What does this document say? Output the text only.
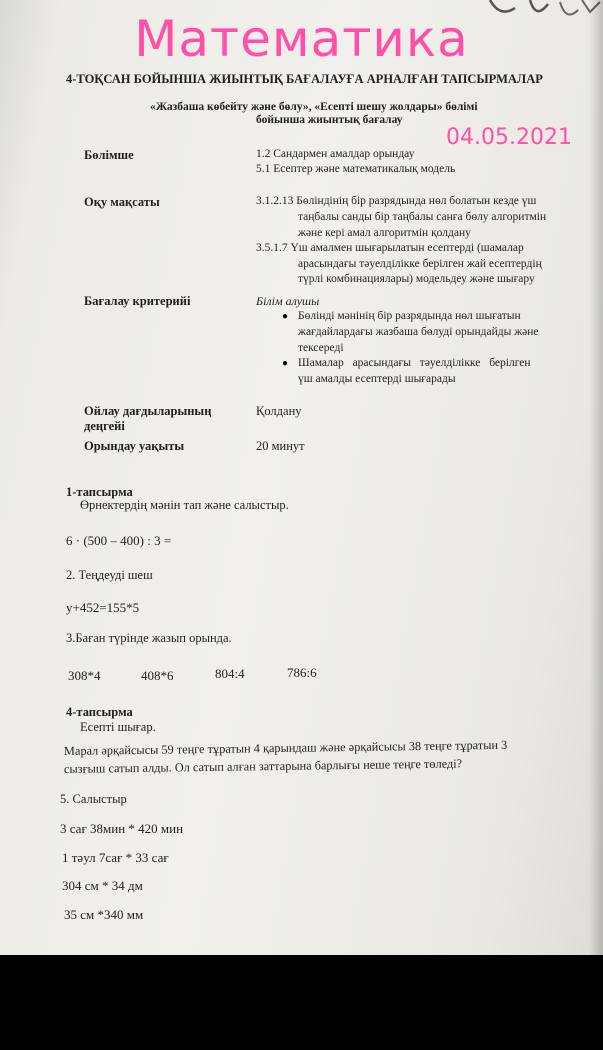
4-ТОҚСАН БОЙЫНША ЖИЫНТЫҚ БАҒАЛАУҒА АРНАЛҒАН ТАПСЫРМАЛАР
«Жазбаша көбейту және бөлу», «Есепті шешу жолдары» бөлімі
бойынша жиынтық бағалау
Бөлімше	1.2 Сандармен амалдар орындау
5.1 Есептер және математикалық модель
Оқу мақсаты	3.1.2.13 Бөліндінің бір разрядында нөл болатын кезде үш
таңбалы санды бір таңбалы санға бөлу алгоритмін
және кері амал алгоритмін қолдану
3.5.1.7 Үш амалмен шығарылатын есептерді (шамалар
арасындағы тәуелділікке берілген жай есептердің
түрлі комбинациялары) модельдеу және шығару
Бағалау критерийі	Білім алушы
● Бөлінді мәнінің бір разрядында нөл шығатын
жағдайлардағы жазбаша бөлуді орындайды және
тексереді
● Шамалар арасындағы тәуелділікке берілген
үш амалды есептерді шығарады
Ойлау дағдыларының
деңгейі
Қолдану
Орындау уақыты	20 минут
1-тапсырма
Өрнектердің мәнін тап және салыстыр.
6 · (500 – 400) : 3 =
2. Теңдеуді шеш
y+452=155*5
3.Баған түрінде жазып орында.
308*4	408*6	804:4	786:6
4-тапсырма
Есепті шығар.
Марал әрқайсысы 59 теңге тұратын 4 қарындаш және әрқайсысы 38 теңге тұратын 3
сызғыш сатып алды. Ол сатып алған заттарына барлығы неше теңге төледі?
5. Салыстыр
3 сағ 38мин * 420 мин
1 тәул 7сағ * 33 сағ
304 см * 34 дм
35 см *340 мм
Математика
04.05.2021
